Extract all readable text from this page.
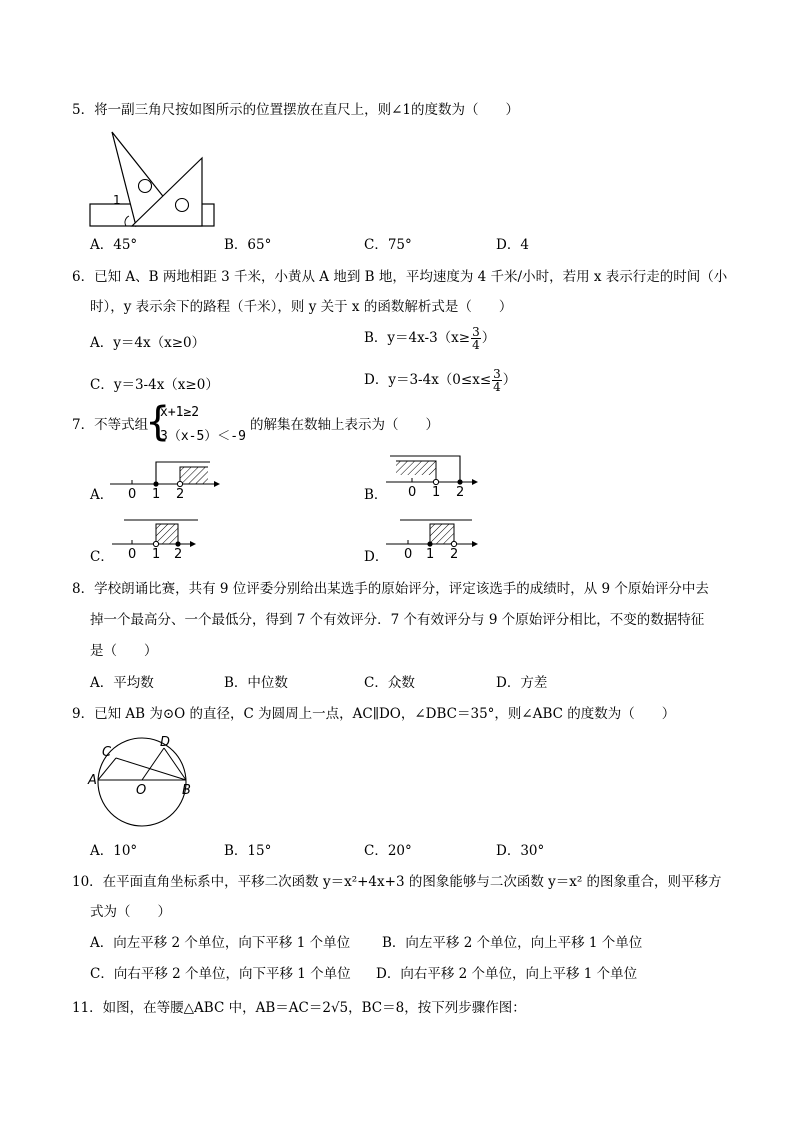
5．将一副三角尺按如图所示的位置摆放在直尺上，则∠1的度数为（　　）
1
A．45°	B．65°	C．75°	D．4
6．已知 A、B 两地相距 3 千米，小黄从 A 地到 B 地，平均速度为 4 千米/小时，若用 x 表示行走的时间（小
时），y 表示余下的路程（千米），则 y 关于 x 的函数解析式是（　　）
A．y＝4x（x≥0）	B．$y=4x-3(x\ge \frac{3}{4}$ ）
C．y＝3-4x（x≥0）	D．$y=3-4x(0\le x\le \frac{3}{4}$ ）
7．不等式组
{
x+1≥2
3（x-5）＜-9
的解集在数轴上表示为（　　）
A． 0 1 2	B． 0 1 2
C． 0 1 2	D． 0 1 2
8．学校朗诵比赛，共有 9 位评委分别给出某选手的原始评分，评定该选手的成绩时，从 9 个原始评分中去
掉一个最高分、一个最低分，得到 7 个有效评分．7 个有效评分与 9 个原始评分相比，不变的数据特征
是（　　）
A．平均数	B．中位数	C．众数	D．方差
9．已知 AB 为⊙O 的直径，C 为圆周上一点，AC∥DO，∠DBC＝35°，则∠ABC 的度数为（　　）
A
B
C
D
O
A．10°	B．15°	C．20°	D．30°
10．在平面直角坐标系中，平移二次函数 y＝x²+4x+3 的图象能够与二次函数 y＝x² 的图象重合，则平移方
式为（　　）
A．向左平移 2 个单位，向下平移 1 个单位 B．向左平移 2 个单位，向上平移 1 个单位
C．向右平移 2 个单位，向下平移 1 个单位 D．向右平移 2 个单位，向上平移 1 个单位
11．如图，在等腰△ABC 中，AB＝AC＝2√5，BC＝8，按下列步骤作图：
